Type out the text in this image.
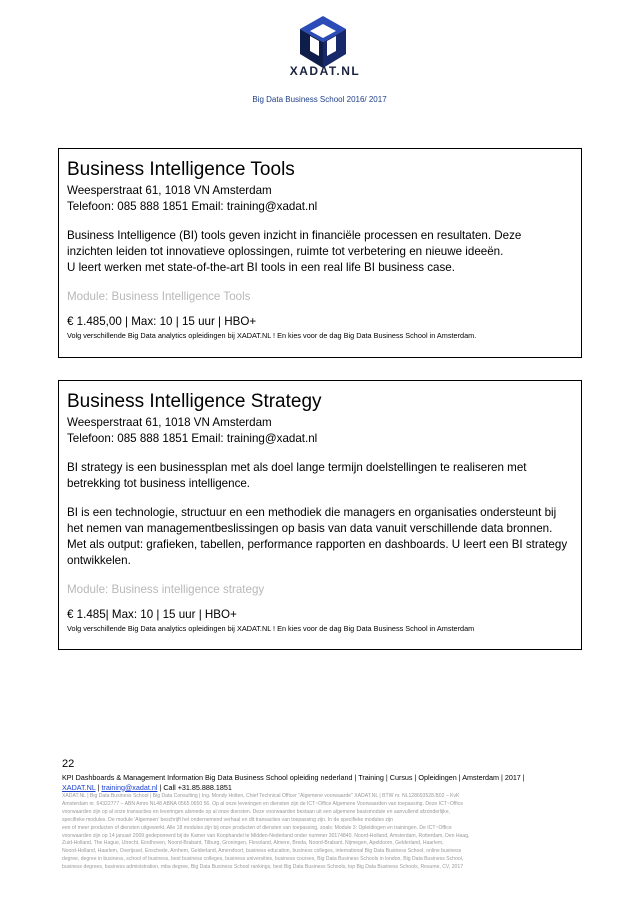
XADAT.NL
Big Data Business School 2016/ 2017
Business Intelligence Tools
Weesperstraat 61, 1018 VN Amsterdam
Telefoon: 085 888 1851 Email: training@xadat.nl
Business Intelligence (BI) tools geven inzicht in financiële processen en resultaten. Deze
inzichten leiden tot innovatieve oplossingen, ruimte tot verbetering en nieuwe ideeën.
U leert werken met state-of-the-art BI tools in een real life BI business case.
Module: Business Intelligence Tools
€ 1.485,00 | Max: 10 | 15 uur | HBO+
Volg verschillende Big Data analytics opleidingen bij XADAT.NL ! En kies voor de dag Big Data Business School in Amsterdam.
Business Intelligence Strategy
Weesperstraat 61, 1018 VN Amsterdam
Telefoon: 085 888 1851 Email: training@xadat.nl
BI strategy is een businessplan met als doel lange termijn doelstellingen te realiseren met
betrekking tot business intelligence.
BI is een technologie, structuur en een methodiek die managers en organisaties ondersteunt bij
het nemen van managementbeslissingen op basis van data vanuit verschillende data bronnen.
Met als output: grafieken, tabellen, performance rapporten en dashboards. U leert een BI strategy
ontwikkelen.
Module: Business intelligence strategy
€ 1.485| Max: 10 | 15 uur | HBO+
Volg verschillende Big Data analytics opleidingen bij XADAT.NL ! En kies voor de dag Big Data Business School in Amsterdam
22
KPI Dashboards & Management Information Big Data Business School opleiding nederland | Training | Cursus | Opleidingen | Amsterdam | 2017 |
XADAT.NL | training@xadat.nl | Call +31.85.888.1851
XADAT.NL | Big Data Business School | Big Data Consulting | Ing. Mondy Holten, Chief Technical Officer "Algemene voorwaarde" XADAT.NL | BTW nr. NL128693528.B02 – KvK
Amsterdam nr. 64322777 – ABN Amro NL48 ABNA 0565 0650 56. Op al onze leveringen en diensten zijn de ICT~Office Algemene Voorwaarden van toepassing. Deze ICT~Office
voorwaarden zijn op al onze transacties en leveringen alsmede op al onze diensten. Deze voorwaarden bestaan uit een algemene basismodule en aanvullend afzonderlijke,
specifieke modules. De module 'Algemeen' beschrijft het ondernemend verhaal en dit transacties van toepassing zijn. In de specifieke modules zijn
een of meer producten of diensten uitgewerkt. Alle 18 modules zijn bij onze producten of diensten van toepassing, zoals: Module 3: Opleidingen en trainingen. De ICT~Office
voorwaarden zijn op 14 januari 2009 gedeponeerd bij de Kamer van Koophandel te Midden-Nederland onder nummer 30174840. Noord-Holland, Amsterdam, Rotterdam, Den Haag,
Zuid-Holland, The Hague, Utrecht, Eindhoven, Noord-Brabant, Tilburg, Groningen, Flevoland, Almere, Breda, Noord-Brabant, Nijmegen, Apeldoorn, Gelderland, Haarlem,
Noord-Holland, Haarlem, Overijssel, Enschede, Arnhem, Gelderland, Amersfoort, business education, business colleges, international Big Data Business School, online business
degree, degree in business, school of business, best business colleges, business universities, business courses, Big Data Business Schools in london, Big Data Business School,
business degrees, business administration, mba degree, Big Data Business School rankings, best Big Data Business Schools, top Big Data Business Schools, Resume, CV, 2017
